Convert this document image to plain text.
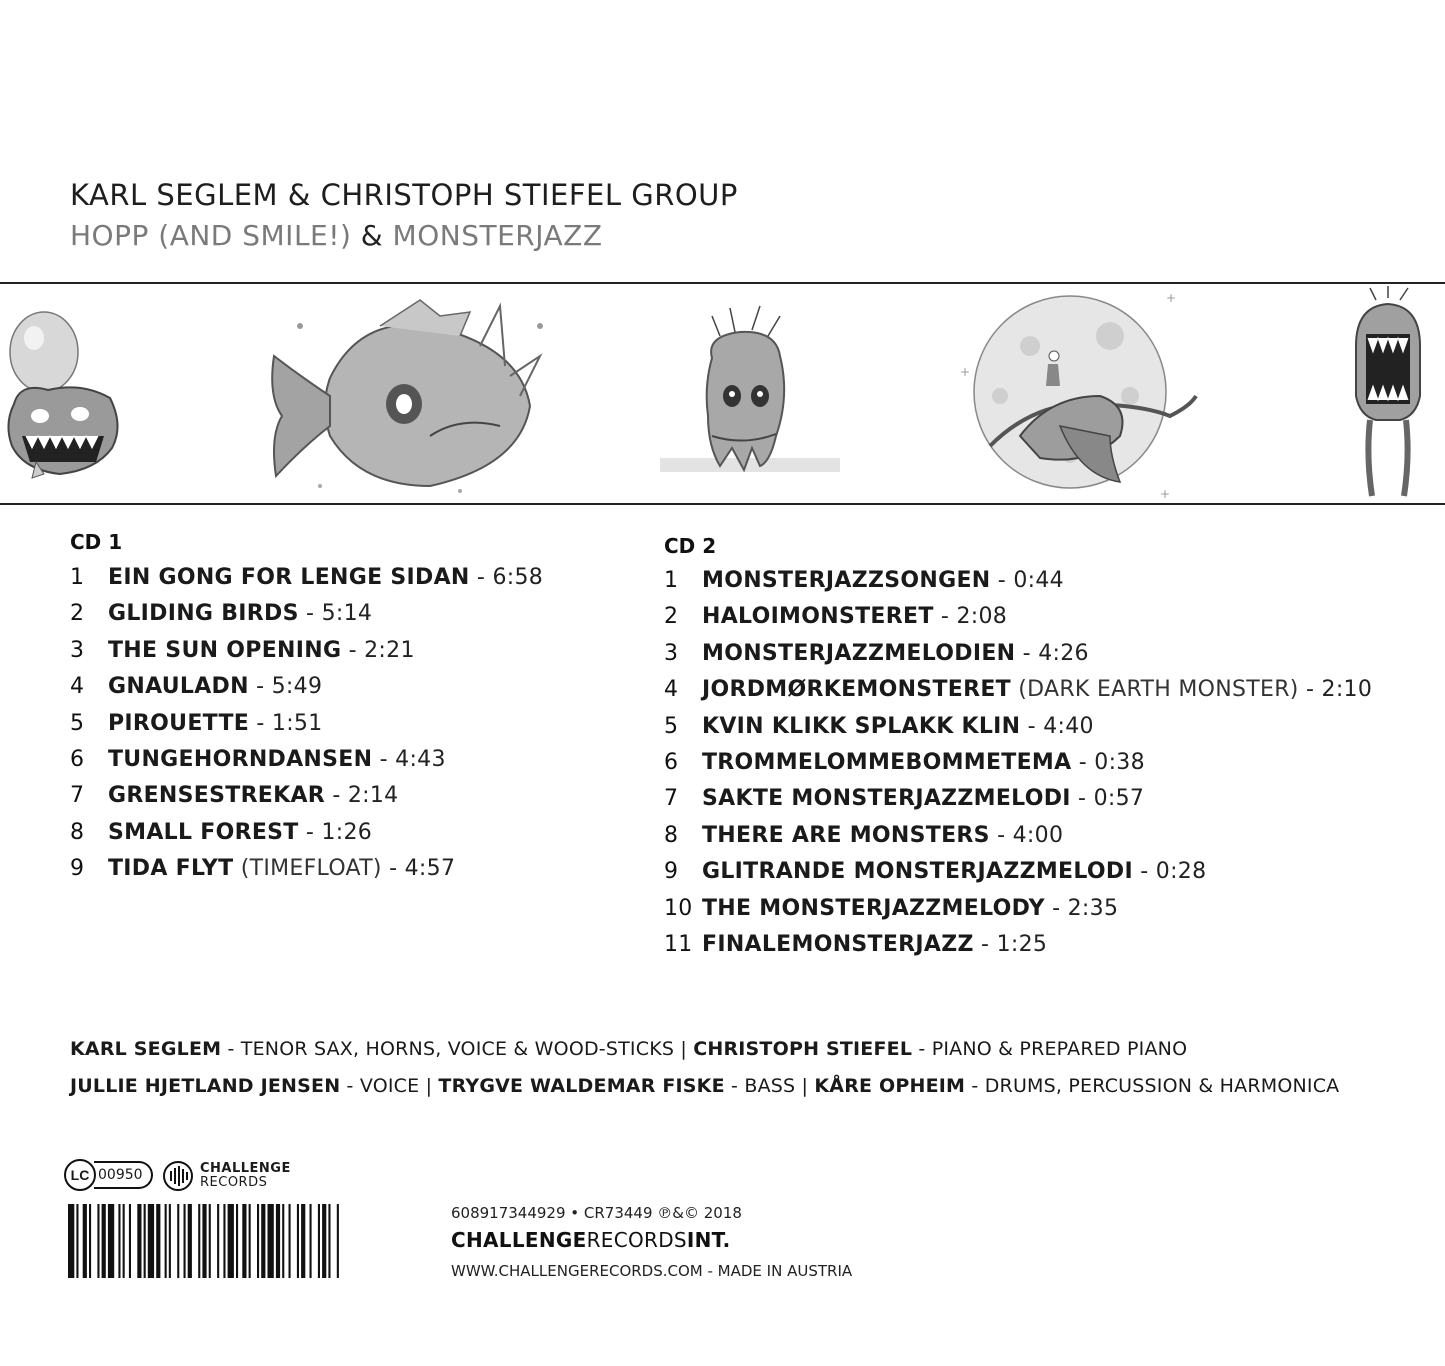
KARL SEGLEM & CHRISTOPH STIEFEL GROUP
HOPP (AND SMILE!) & MONSTERJAZZ
+
+
+
CD 1	CD 2
1 EIN GONG FOR LENGE SIDAN - 6:58
2 GLIDING BIRDS - 5:14
3 THE SUN OPENING - 2:21
4 GNAULADN - 5:49
5 PIROUETTE - 1:51
6 TUNGEHORNDANSEN - 4:43
7 GRENSESTREKAR - 2:14
8 SMALL FOREST - 1:26
9 TIDA FLYT (TIMEFLOAT) - 4:57
1 MONSTERJAZZSONGEN - 0:44
2 HALOIMONSTERET - 2:08
3 MONSTERJAZZMELODIEN - 4:26
4 JORDMØRKEMONSTERET (DARK EARTH MONSTER) - 2:10
5 KVIN KLIKK SPLAKK KLIN - 4:40
6 TROMMELOMMEBOMMETEMA - 0:38
7 SAKTE MONSTERJAZZMELODI - 0:57
8 THERE ARE MONSTERS - 4:00
9 GLITRANDE MONSTERJAZZMELODI - 0:28
10 THE MONSTERJAZZMELODY - 2:35
11 FINALEMONSTERJAZZ - 1:25
KARL SEGLEM - TENOR SAX, HORNS, VOICE & WOOD-STICKS | CHRISTOPH STIEFEL - PIANO & PREPARED PIANO
JULLIE HJETLAND JENSEN - VOICE | TRYGVE WALDEMAR FISKE - BASS | KÅRE OPHEIM - DRUMS, PERCUSSION & HARMONICA
LC 00950	CHALLENGE
RECORDS
608917344929 • CR73449 ℗&© 2018
CHALLENGERECORDSINT.
WWW.CHALLENGERECORDS.COM - MADE IN AUSTRIA
